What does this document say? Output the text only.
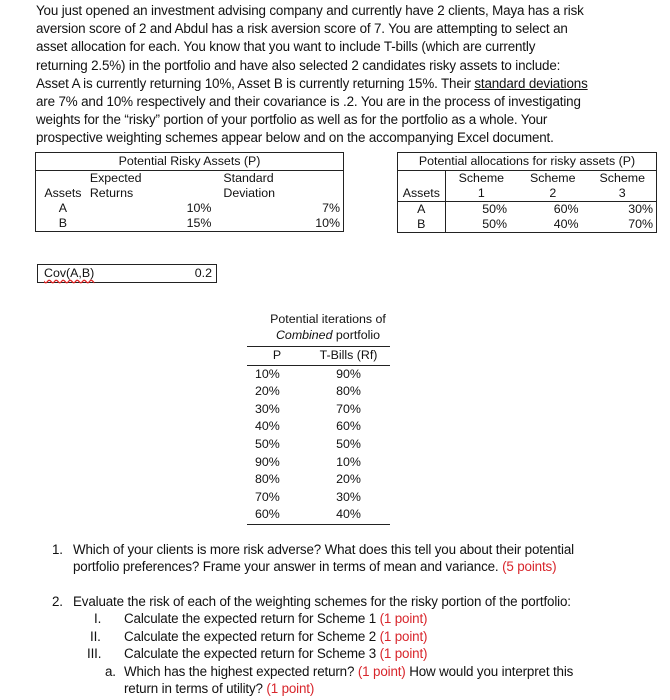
You just opened an investment advising company and currently have 2 clients, Maya has a risk

aversion score of 2 and Abdul has a risk aversion score of 7. You are attempting to select an

asset allocation for each. You know that you want to include T-bills (which are currently

returning 2.5%) in the portfolio and have also selected 2 candidates risky assets to include:

Asset A is currently returning 10%, Asset B is currently returning 15%. Their standard deviations

are 7% and 10% respectively and their covariance is .2. You are in the process of investigating

weights for the “risky” portion of your portfolio as well as for the portfolio as a whole. Your

prospective weighting schemes appear below and on the accompanying Excel document.

Potential Risky Assets (P)				
	Expected		Standard	
Assets	Returns		Deviation	
A		10%		7%
B		15%		10%
Potential allocations for risky assets (P)			
	Scheme	Scheme	Scheme
Assets	1	2	3
A	50%	60%	30%
B	50%	40%	70%
Cov(A,B)	0.2
Potential iterations of
Combined portfolio
P	T-Bills (Rf)
10%	90%
20%	80%
30%	70%
40%	60%
50%	50%
90%	10%
80%	20%
70%	30%
60%	40%
1. Which of your clients is more risk adverse? What does this tell you about their potential
portfolio preferences? Frame your answer in terms of mean and variance. (5 points)
2. Evaluate the risk of each of the weighting schemes for the risky portion of the portfolio:
I. Calculate the expected return for Scheme 1 (1 point)
II. Calculate the expected return for Scheme 2 (1 point)
III. Calculate the expected return for Scheme 3 (1 point)
a. Which has the highest expected return? (1 point) How would you interpret this
return in terms of utility? (1 point)
